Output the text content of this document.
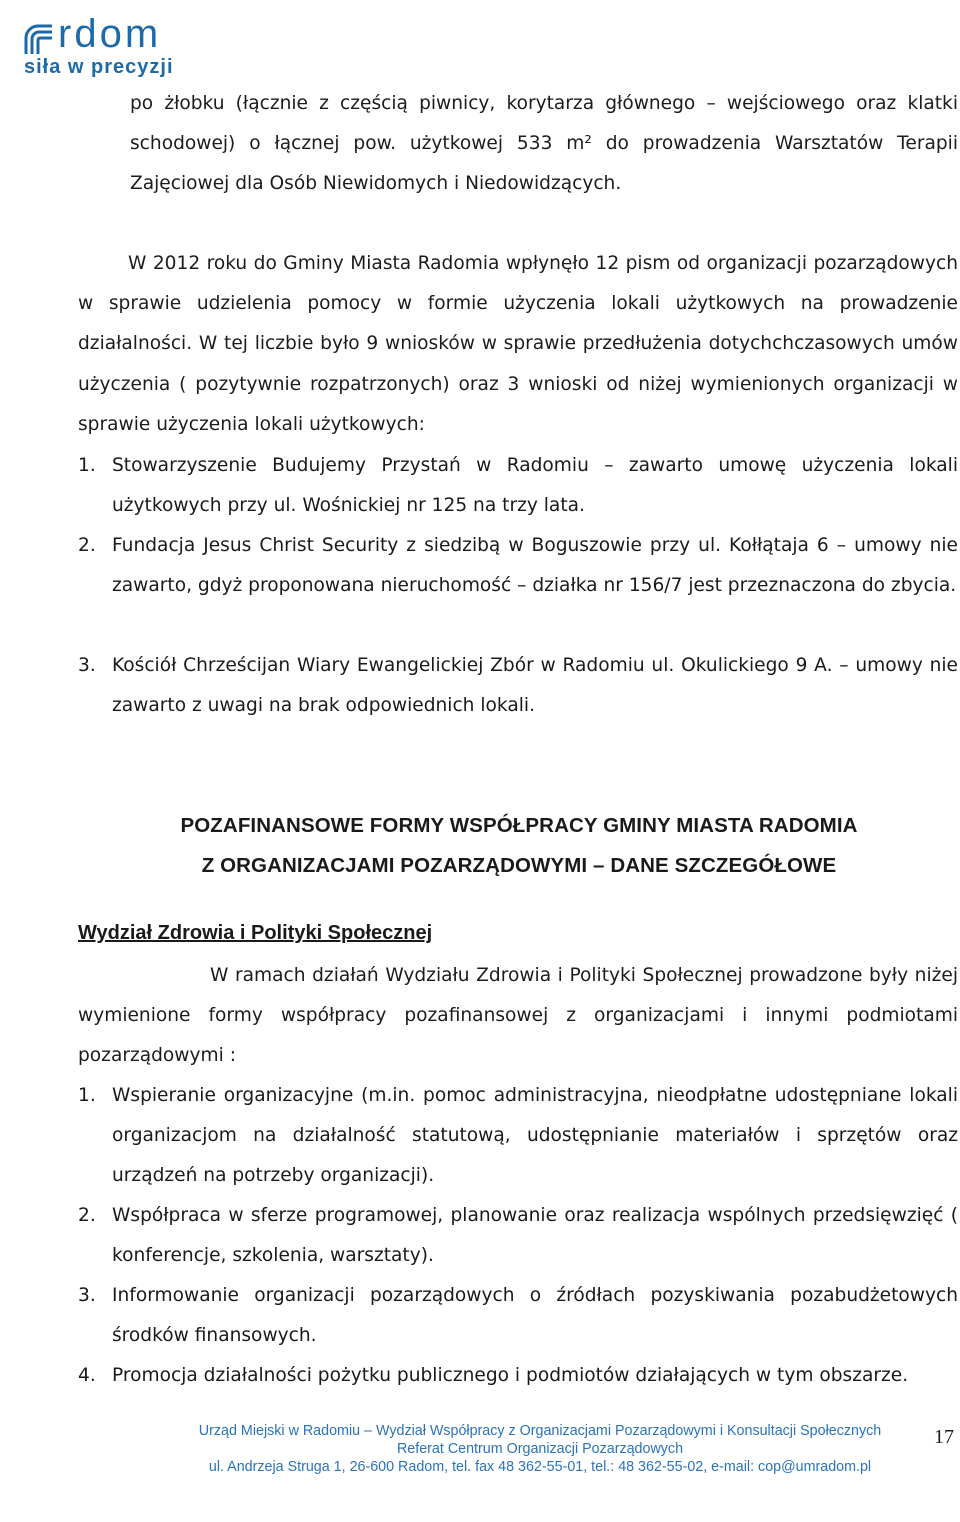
rdom
siła w precyzji
po żłobku (łącznie z częścią piwnicy, korytarza głównego – wejściowego oraz klatki schodowej) o łącznej pow. użytkowej 533 m² do prowadzenia Warsztatów Terapii Zajęciowej dla Osób Niewidomych i Niedowidzących.
W 2012 roku do Gminy Miasta Radomia wpłynęło 12 pism od organizacji pozarządowych w sprawie udzielenia pomocy w formie użyczenia lokali użytkowych na prowadzenie działalności. W tej liczbie było 9 wniosków w sprawie przedłużenia dotychchczasowych umów użyczenia ( pozytywnie rozpatrzonych) oraz 3 wnioski od niżej wymienionych organizacji w sprawie użyczenia lokali użytkowych:
1. Stowarzyszenie Budujemy Przystań w Radomiu – zawarto umowę użyczenia lokali użytkowych przy ul. Wośnickiej nr 125 na trzy lata.
2. Fundacja Jesus Christ Security z siedzibą w Boguszowie przy ul. Kołłątaja 6 – umowy nie zawarto, gdyż proponowana nieruchomość – działka nr 156/7 jest przeznaczona do zbycia.
3. Kościół Chrześcijan Wiary Ewangelickiej Zbór w Radomiu ul. Okulickiego 9 A. – umowy nie zawarto z uwagi na brak odpowiednich lokali.
POZAFINANSOWE FORMY WSPÓŁPRACY GMINY MIASTA RADOMIA
Z ORGANIZACJAMI POZARZĄDOWYMI – DANE SZCZEGÓŁOWE
Wydział Zdrowia i Polityki Społecznej
W ramach działań Wydziału Zdrowia i Polityki Społecznej prowadzone były niżej wymienione formy współpracy pozafinansowej z organizacjami i innymi podmiotami pozarządowymi :
1. Wspieranie organizacyjne (m.in. pomoc administracyjna, nieodpłatne udostępniane lokali organizacjom na działalność statutową, udostępnianie materiałów i sprzętów oraz urządzeń na potrzeby organizacji).
2. Współpraca w sferze programowej, planowanie oraz realizacja wspólnych przedsięwzięć ( konferencje, szkolenia, warsztaty).
3. Informowanie organizacji pozarządowych o źródłach pozyskiwania pozabudżetowych środków finansowych.
4. Promocja działalności pożytku publicznego i podmiotów działających w tym obszarze.
Urząd Miejski w Radomiu – Wydział Współpracy z Organizacjami Pozarządowymi i Konsultacji Społecznych
Referat Centrum Organizacji Pozarządowych
ul. Andrzeja Struga 1, 26-600 Radom, tel. fax 48 362-55-01, tel.: 48 362-55-02, e-mail: cop@umradom.pl
17
